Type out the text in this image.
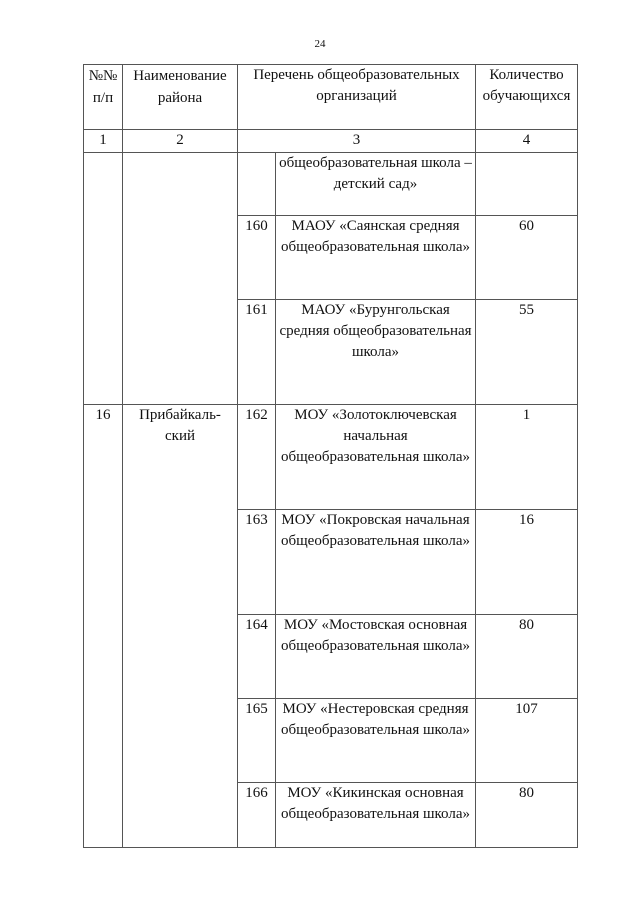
24
№№ п/п	Наименование района	Перечень общеобразовательных организаций		Количество обучающихся
1	2	3		4
			общеобразовательная школа – детский сад»	
		160	МАОУ «Саянская средняя общеобразовательная школа»	60
		161	МАОУ «Бурунгольская средняя общеобразовательная школа»	55
16	Прибайкаль-ский	162	МОУ «Золотоключевская начальная общеобразовательная школа»	1
		163	МОУ «Покровская начальная общеобразовательная школа»	16
		164	МОУ «Мостовская основная общеобразовательная школа»	80
		165	МОУ «Нестеровская средняя общеобразовательная школа»	107
		166	МОУ «Кикинская основная общеобразовательная школа»	80
